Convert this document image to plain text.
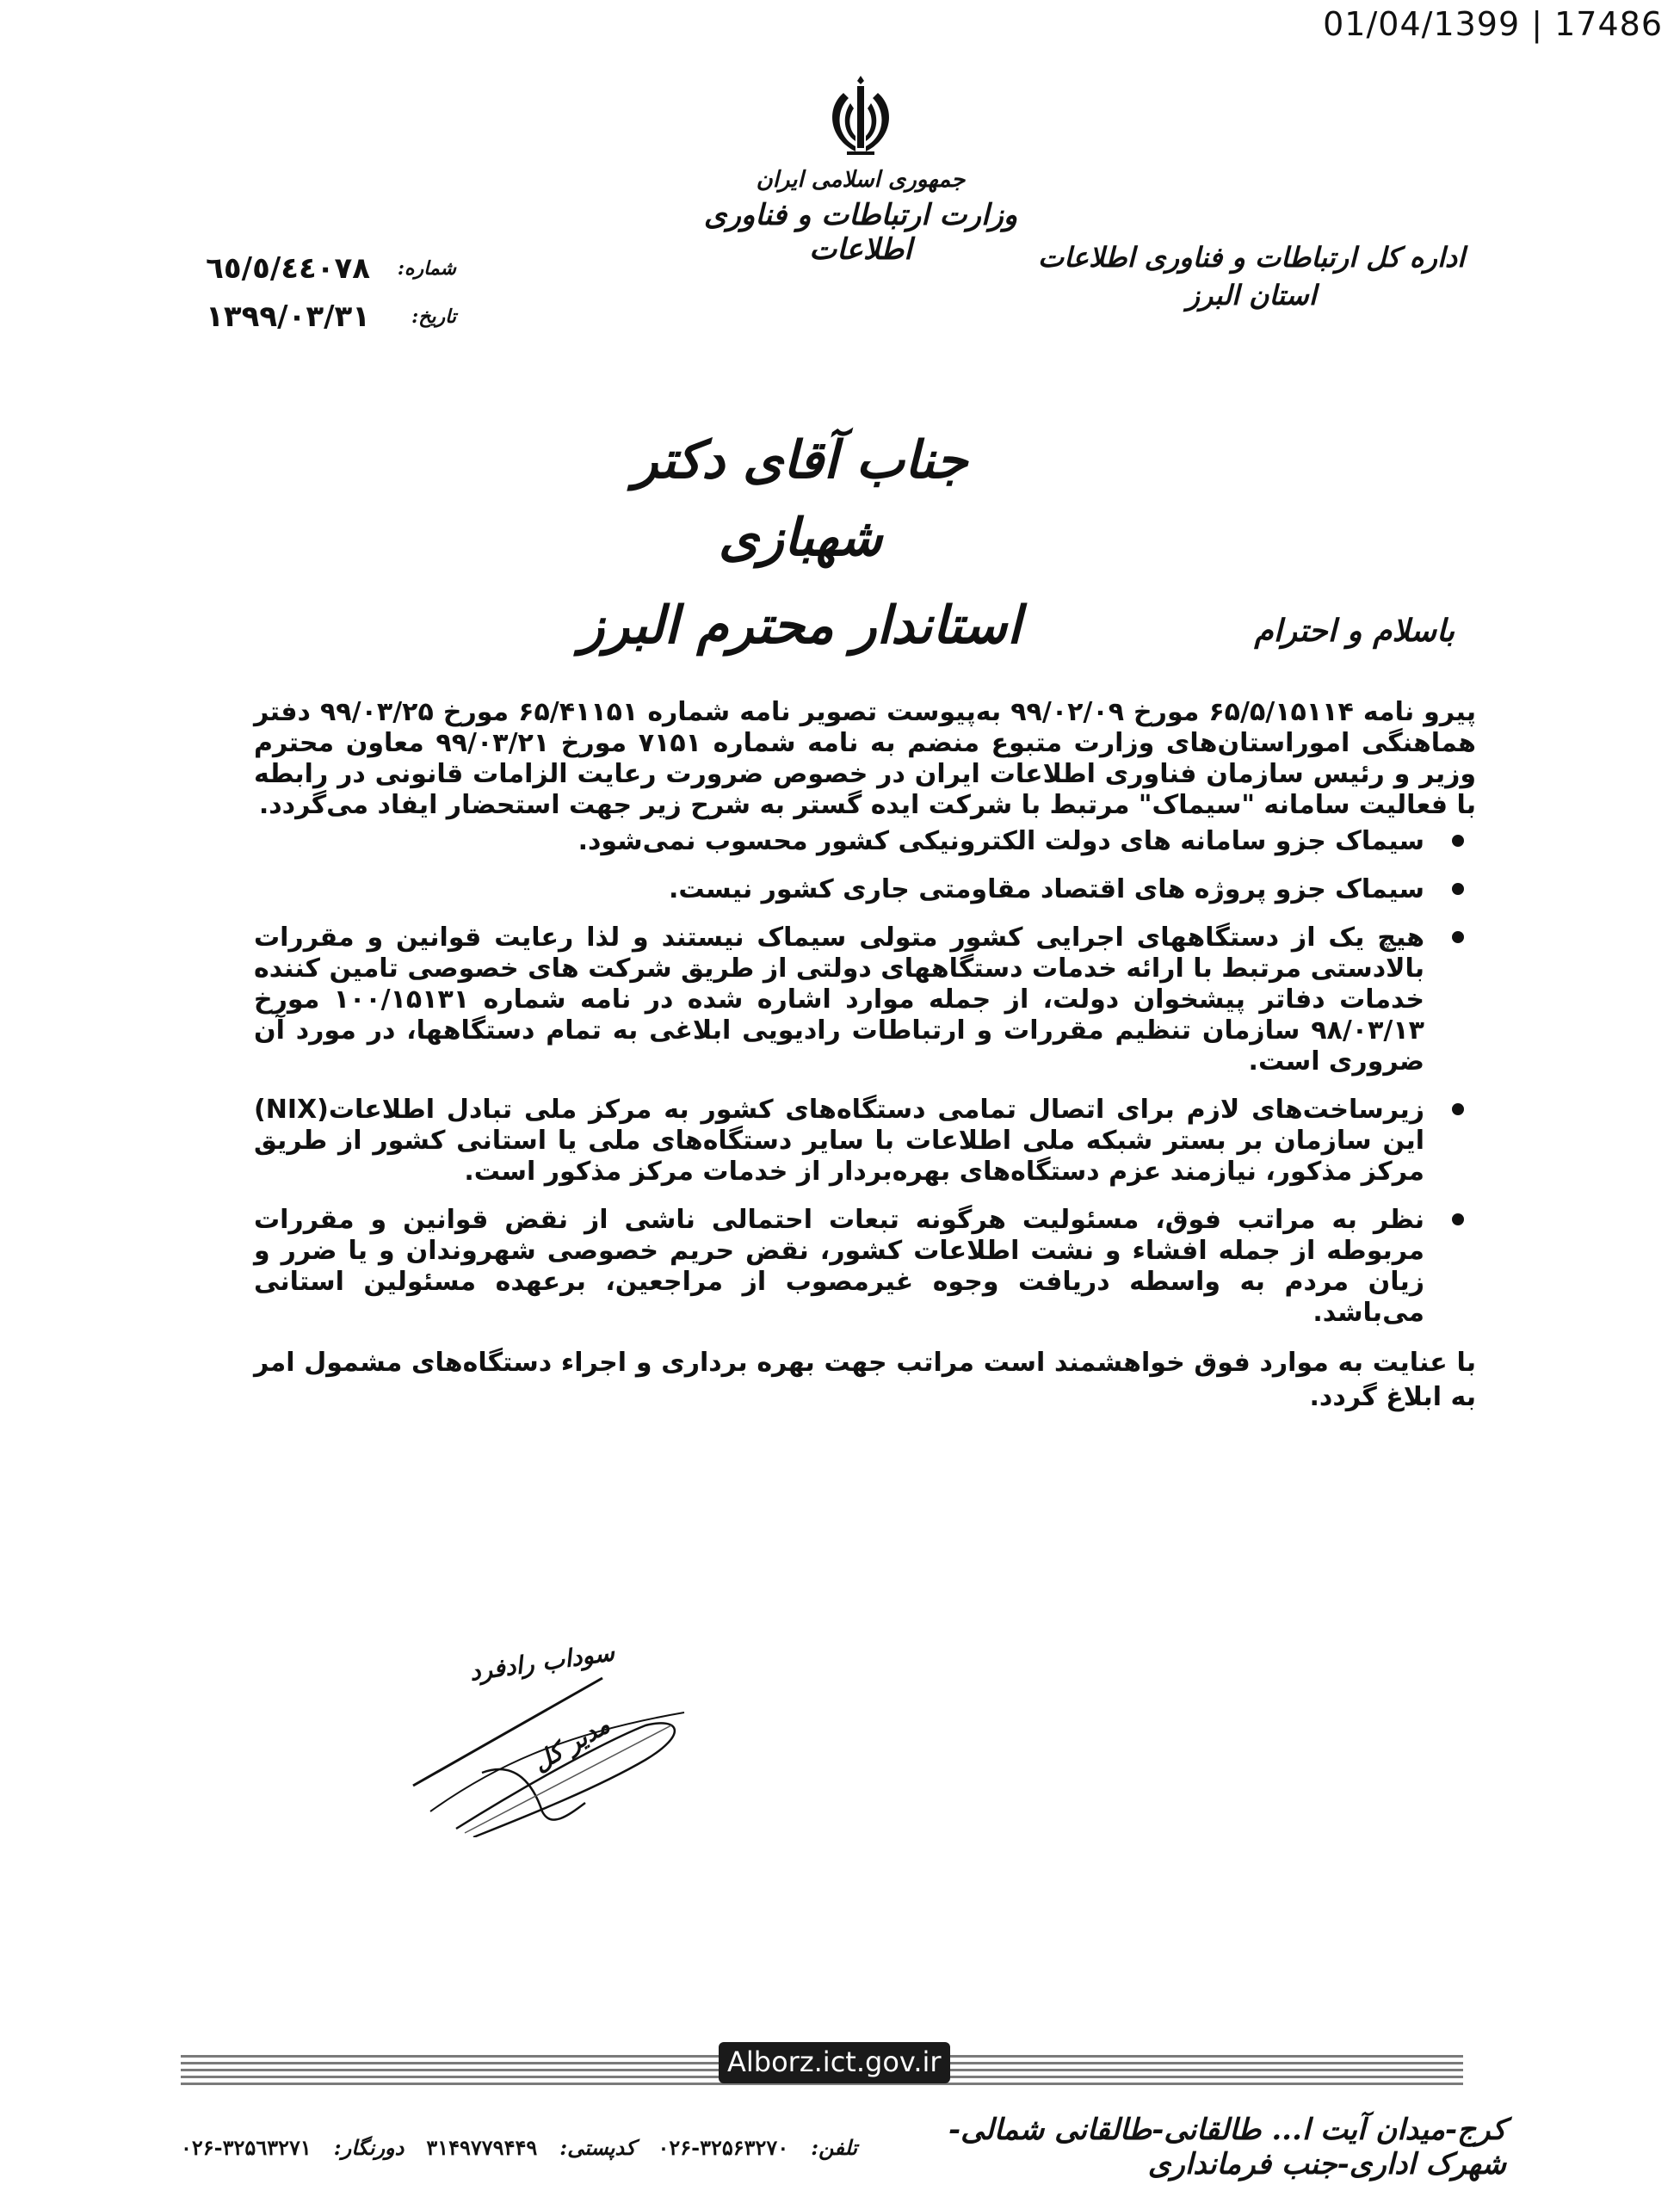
01/04/1399 | 17486
جمهوری اسلامی ایران
وزارت ارتباطات و فناوری اطلاعات	اداره کل ارتباطات و فناوری اطلاعات
استان البرز
شماره:
٦٥/٥/٤٤٠٧٨
تاریخ:
۱۳۹۹/۰۳/۳۱
جناب آقای دکتر شهبازی
استاندار محترم البرز	باسلام و احترام

پیرو نامه ۶۵/۵/۱۵۱۱۴ مورخ ۹۹/۰۲/۰۹ به‌پیوست تصویر نامه شماره ۶۵/۴۱۱۵۱ مورخ ۹۹/۰۳/۲۵ دفتر هماهنگی امور‌استان‌های وزارت متبوع منضم به نامه شماره ۷۱۵۱ مورخ ۹۹/۰۳/۲۱ معاون محترم وزیر و رئیس سازمان فناوری اطلاعات ایران در خصوص ضرورت رعایت الزامات قانونی در رابطه با فعالیت سامانه "سیماک" مرتبط با شرکت ایده گستر به شرح زیر جهت استحضار ایفاد می‌گردد.

سیماک جزو سامانه های دولت الکترونیکی کشور محسوب نمی‌شود.
سیماک جزو پروژه های اقتصاد مقاومتی جاری کشور نیست.
هیچ یک از دستگاههای اجرایی کشور متولی سیماک نیستند و لذا رعایت قوانین و مقررات بالادستی مرتبط با ارائه خدمات دستگاههای دولتی از طریق شرکت های خصوصی تامین کننده خدمات دفاتر پیشخوان دولت، از جمله موارد اشاره شده در نامه شماره ۱۰۰/۱۵۱۳۱ مورخ ۹۸/۰۳/۱۳ سازمان تنظیم مقررات و ارتباطات رادیویی ابلاغی به تمام دستگاهها، در مورد آن ضروری است.
زیرساخت‌های لازم برای اتصال تمامی دستگاه‌های کشور به مرکز ملی تبادل اطلاعات(NIX) این سازمان بر بستر شبکه ملی اطلاعات با سایر دستگاه‌های ملی یا استانی کشور از طریق مرکز مذکور، نیازمند عزم دستگاه‌های بهره‌بردار از خدمات مرکز مذکور است.
نظر به مراتب فوق، مسئولیت هرگونه تبعات احتمالی ناشی از نقض قوانین و مقررات مربوطه از جمله افشاء و نشت اطلاعات کشور، نقض حریم خصوصی شهروندان و یا ضرر و زیان مردم به واسطه دریافت وجوه غیرمصوب از مراجعین، برعهده مسئولین استانی می‌باشد.

با عنایت به موارد فوق خواهشمند است مراتب جهت بهره برداری و اجراء دستگاه‌های مشمول امر به ابلاغ گردد.

سوداب رادفرد
مدیر کل
Alborz.ict.gov.ir
کرج-میدان آیت ا... طالقانی-طالقانی شمالی-شهرک اداری-جنب فرمانداری
تلفن:
۰۲۶-۳۲۵۶۳۲۷۰
کدپستی:
۳۱۴۹۷۷۹۴۴۹
دورنگار:
۰۲۶-۳۲۵٦۳۲۷۱
